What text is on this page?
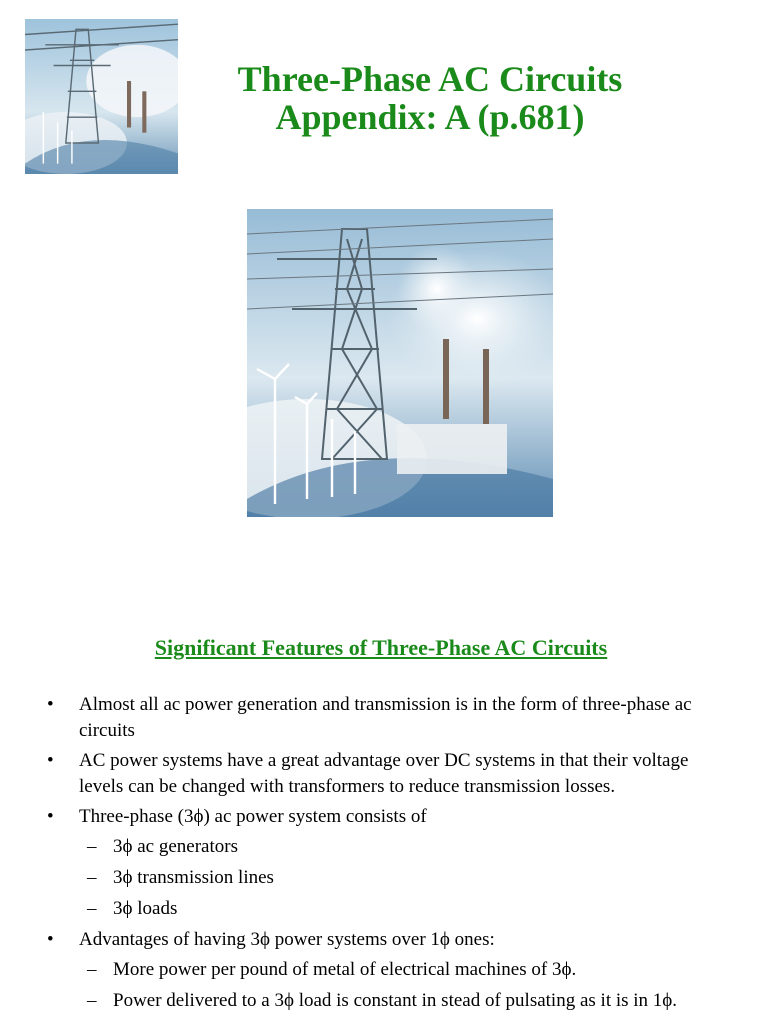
Three-Phase AC Circuits
Appendix: A (p.681)
Significant Features of Three-Phase AC Circuits
• Almost all ac power generation and transmission is in the form of three-phase ac circuits
• AC power systems have a great advantage over DC systems in that their voltage levels can be changed with transformers to reduce transmission losses.
• Three-phase (3ϕ) ac power system consists of
– 3ϕ ac generators
– 3ϕ transmission lines
– 3ϕ loads
• Advantages of having 3ϕ power systems over 1ϕ ones:
– More power per pound of metal of electrical machines of 3ϕ.
– Power delivered to a 3ϕ load is constant in stead of pulsating as it is in 1ϕ.
